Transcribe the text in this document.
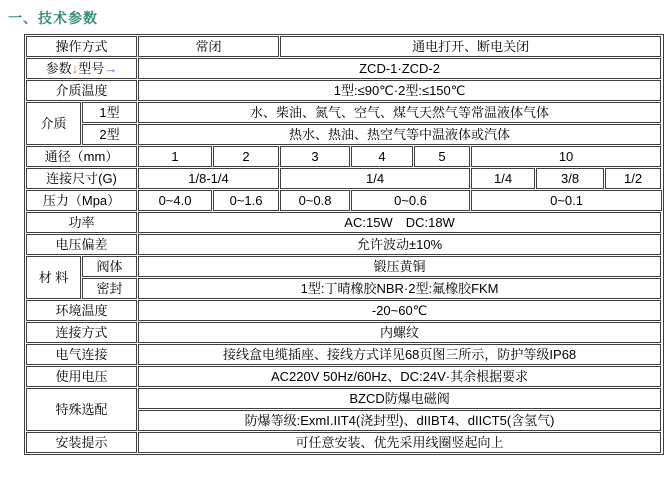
一、技术参数
操作方式		常闭		通电打开、断电关闭						
参数↓型号→		ZCD-1·ZCD-2								
介质温度		1型:≤90℃·2型:≤150℃								
介质	1型	水、柴油、氮气、空气、煤气天然气等常温液体气体								
	2型	热水、热油、热空气等中温液体或汽体								
通径（mm）		1	2	3	4	5	10	
连接尺寸(G)		1/8-1/4		1/4			1/4	3/8	1/2	
压力（Mpa）		0~4.0	0~1.6	0~0.8	0~0.6		0~0.1			
功率		AC:15W　DC:18W								
电压偏差		允许波动±10%								
材 料	阀体	锻压黄铜								
	密封	1型:丁晴橡胶NBR·2型:氟橡胶FKM								
环境温度		-20~60℃								
连接方式		内螺纹								
电气连接		接线盒电缆插座、接线方式详见68页图三所示，防护等级IP68								
使用电压		AC220V 50Hz/60Hz、DC:24V·其余根据要求								
特殊选配		BZCD防爆电磁阀								
		防爆等级:ExmI.IIT4(浇封型)、dIIBT4、dIICT5(含氢气)								
安装提示		可任意安装、优先采用线圈竖起向上								
